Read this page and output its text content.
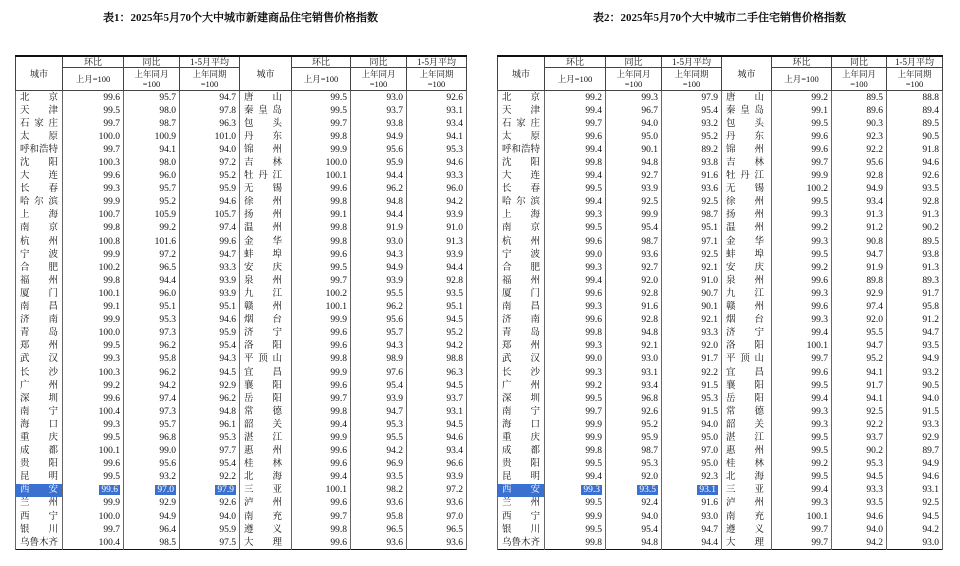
表1：2025年5月70个大中城市新建商品住宅销售价格指数
城市	环比	同比	1-5月平均	城市	环比	同比	1-5月平均
	上月=100	上年同月=100	上年同期=100		上月=100	上年同月=100	上年同期=100
北京	99.6	95.7	94.7	唐山	99.5	93.0	92.6
天津	99.5	98.0	97.8	秦皇岛	99.5	93.7	93.1
石家庄	99.7	98.7	96.3	包头	99.7	93.8	93.4
太原	100.0	100.9	101.0	丹东	99.8	94.9	94.1
呼和浩特	99.7	94.1	94.0	锦州	99.9	95.6	95.3
沈阳	100.3	98.0	97.2	吉林	100.0	95.9	94.6
大连	99.6	96.0	95.2	牡丹江	100.1	94.4	93.3
长春	99.3	95.7	95.9	无锡	99.6	96.2	96.0
哈尔滨	99.9	95.2	94.6	徐州	99.8	94.8	94.2
上海	100.7	105.9	105.7	扬州	99.1	94.4	93.9
南京	99.8	99.2	97.4	温州	99.8	91.9	91.0
杭州	100.8	101.6	99.6	金华	99.8	93.0	91.3
宁波	99.9	97.2	94.7	蚌埠	99.6	94.3	93.9
合肥	100.2	96.5	93.3	安庆	99.5	94.9	94.4
福州	99.8	94.4	93.9	泉州	99.7	93.9	92.8
厦门	100.1	96.0	93.9	九江	100.2	95.5	93.5
南昌	99.1	95.1	95.1	赣州	100.1	96.2	95.1
济南	99.9	95.3	94.6	烟台	99.9	95.6	94.5
青岛	100.0	97.3	95.9	济宁	99.6	95.7	95.2
郑州	99.5	96.2	95.4	洛阳	99.6	94.3	94.2
武汉	99.3	95.8	94.3	平顶山	99.8	98.9	98.8
长沙	100.3	96.2	94.5	宜昌	99.9	97.6	96.3
广州	99.2	94.2	92.9	襄阳	99.6	95.4	94.5
深圳	99.6	97.4	96.2	岳阳	99.7	93.9	93.7
南宁	100.4	97.3	94.8	常德	99.8	94.7	93.1
海口	99.3	95.7	96.1	韶关	99.4	95.3	94.5
重庆	99.5	96.8	95.3	湛江	99.9	95.5	94.6
成都	100.1	99.0	97.7	惠州	99.6	94.2	93.4
贵阳	99.6	95.6	95.4	桂林	99.6	96.9	96.6
昆明	99.5	93.2	92.2	北海	99.4	93.5	93.9
西安	99.6	97.0	97.9	三亚	100.1	98.2	97.2
兰州	99.9	92.9	92.6	泸州	99.6	93.6	93.6
西宁	100.0	94.9	94.0	南充	99.7	95.8	97.0
银川	99.7	96.4	95.9	遵义	99.8	96.5	96.5
乌鲁木齐	100.4	98.5	97.5	大理	99.6	93.6	93.6
表2：2025年5月70个大中城市二手住宅销售价格指数
城市	环比	同比	1-5月平均	城市	环比	同比	1-5月平均
	上月=100	上年同月=100	上年同期=100		上月=100	上年同月=100	上年同期=100
北京	99.2	99.3	97.9	唐山	99.2	89.5	88.8
天津	99.4	96.7	95.4	秦皇岛	99.1	89.6	89.4
石家庄	99.7	94.0	93.2	包头	99.5	90.3	89.5
太原	99.6	95.0	95.2	丹东	99.6	92.3	90.5
呼和浩特	99.4	90.1	89.2	锦州	99.6	92.2	91.8
沈阳	99.8	94.8	93.8	吉林	99.7	95.6	94.6
大连	99.4	92.7	91.6	牡丹江	99.9	92.8	92.6
长春	99.5	93.9	93.6	无锡	100.2	94.9	93.5
哈尔滨	99.4	92.5	92.5	徐州	99.5	93.4	92.8
上海	99.3	99.9	98.7	扬州	99.3	91.3	91.3
南京	99.5	95.4	95.1	温州	99.2	91.2	90.2
杭州	99.6	98.7	97.1	金华	99.3	90.8	89.5
宁波	99.0	93.6	92.5	蚌埠	99.5	94.7	93.8
合肥	99.3	92.7	92.1	安庆	99.2	91.9	91.3
福州	99.4	92.0	91.0	泉州	99.6	89.8	89.3
厦门	99.6	92.8	90.7	九江	99.3	92.9	91.7
南昌	99.3	91.6	90.1	赣州	99.6	97.4	95.8
济南	99.6	92.8	92.1	烟台	99.3	92.0	91.2
青岛	99.8	94.8	93.3	济宁	99.4	95.5	94.7
郑州	99.3	92.1	92.0	洛阳	100.1	94.7	93.5
武汉	99.0	93.0	91.7	平顶山	99.7	95.2	94.9
长沙	99.3	93.1	92.2	宜昌	99.6	94.1	93.2
广州	99.2	93.4	91.5	襄阳	99.5	91.7	90.5
深圳	99.5	96.8	95.3	岳阳	99.4	94.1	94.0
南宁	99.7	92.6	91.5	常德	99.3	92.5	91.5
海口	99.9	95.2	94.0	韶关	99.3	92.2	93.3
重庆	99.9	95.9	95.0	湛江	99.5	93.7	92.9
成都	99.8	98.7	97.0	惠州	99.5	90.2	89.7
贵阳	99.5	95.3	95.0	桂林	99.2	95.3	94.9
昆明	99.4	92.0	92.3	北海	99.5	94.5	94.6
西安	99.3	93.5	93.1	三亚	99.4	93.3	93.1
兰州	99.5	92.4	91.6	泸州	99.3	93.5	92.5
西宁	99.9	94.0	93.0	南充	100.1	94.6	94.5
银川	99.5	95.4	94.7	遵义	99.7	94.0	94.2
乌鲁木齐	99.8	94.8	94.4	大理	99.7	94.2	93.0
